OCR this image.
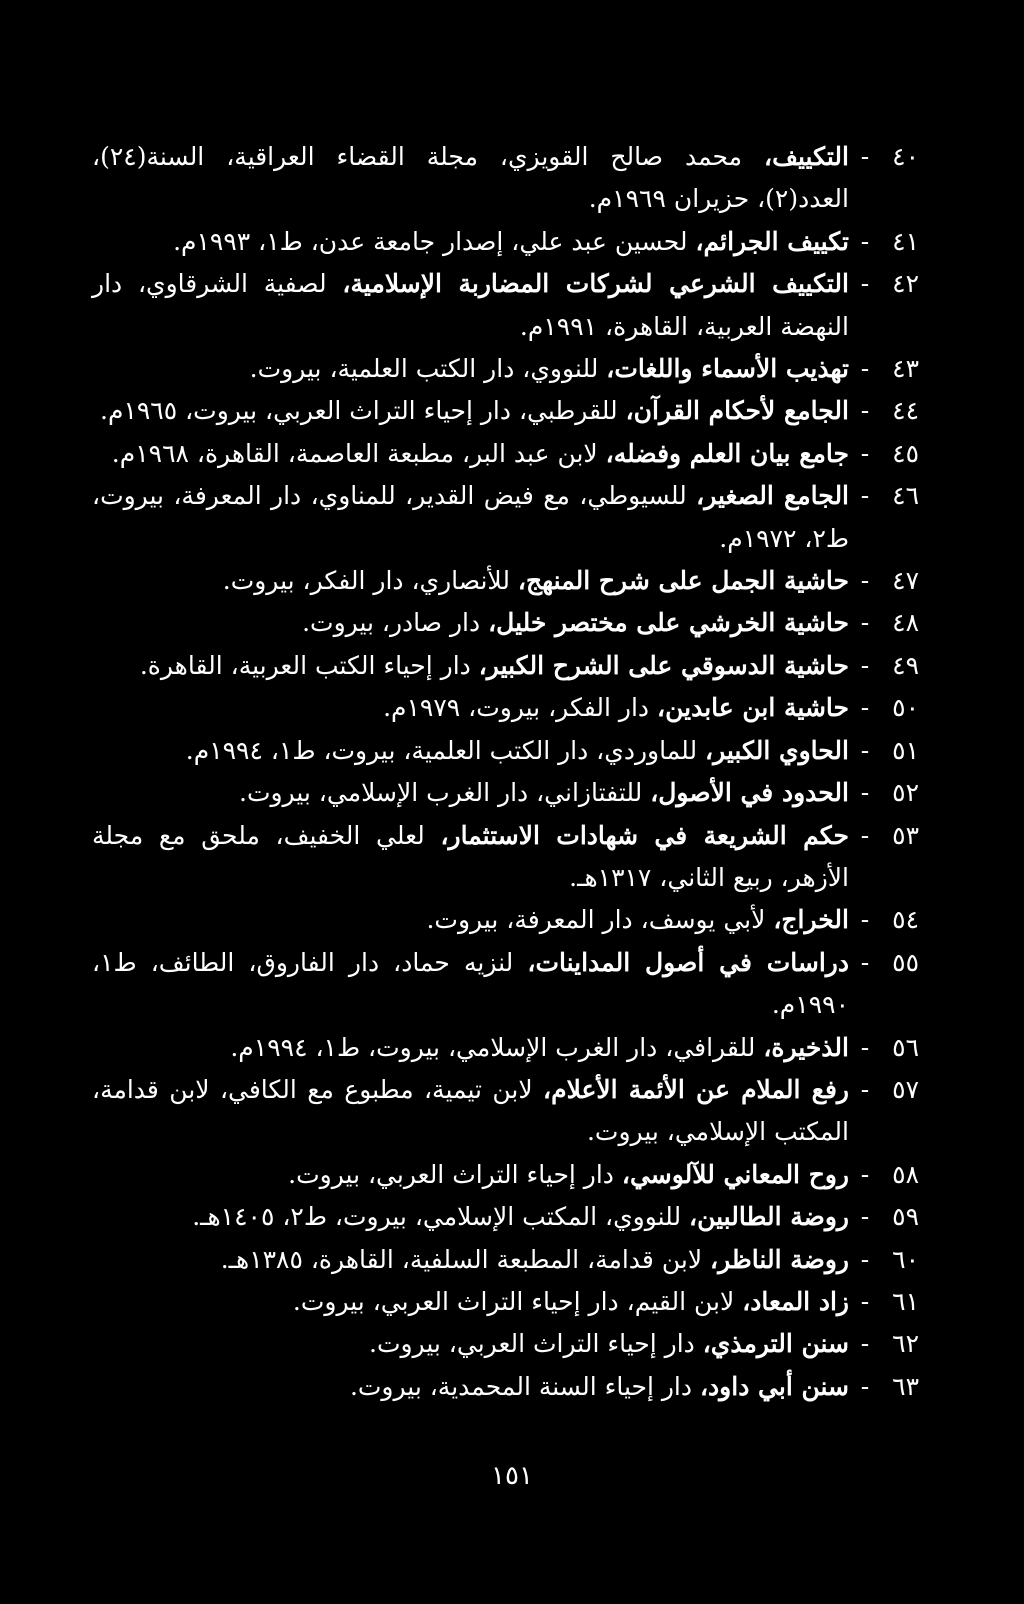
٤٠
-
التكييف، محمد صالح القويزي، مجلة القضاء العراقية، السنة(٢٤)، العدد(٢)، حزيران ١٩٦٩م.
٤١
-
تكييف الجرائم، لحسين عبد علي، إصدار جامعة عدن، ط١، ١٩٩٣م.
٤٢
-
التكييف الشرعي لشركات المضاربة الإسلامية، لصفية الشرقاوي، دار النهضة العربية، القاهرة، ١٩٩١م.
٤٣
-
تهذيب الأسماء واللغات، للنووي، دار الكتب العلمية، بيروت.
٤٤
-
الجامع لأحكام القرآن، للقرطبي، دار إحياء التراث العربي، بيروت، ١٩٦٥م.
٤٥
-
جامع بيان العلم وفضله، لابن عبد البر، مطبعة العاصمة، القاهرة، ١٩٦٨م.
٤٦
-
الجامع الصغير، للسيوطي، مع فيض القدير، للمناوي، دار المعرفة، بيروت، ط٢، ١٩٧٢م.
٤٧
-
حاشية الجمل على شرح المنهج، للأنصاري، دار الفكر، بيروت.
٤٨
-
حاشية الخرشي على مختصر خليل، دار صادر، بيروت.
٤٩
-
حاشية الدسوقي على الشرح الكبير، دار إحياء الكتب العربية، القاهرة.
٥٠
-
حاشية ابن عابدين، دار الفكر، بيروت، ١٩٧٩م.
٥١
-
الحاوي الكبير، للماوردي، دار الكتب العلمية، بيروت، ط١، ١٩٩٤م.
٥٢
-
الحدود في الأصول، للتفتازاني، دار الغرب الإسلامي، بيروت.
٥٣
-
حكم الشريعة في شهادات الاستثمار، لعلي الخفيف، ملحق مع مجلة الأزهر، ربيع الثاني، ١٣١٧هـ.
٥٤
-
الخراج، لأبي يوسف، دار المعرفة، بيروت.
٥٥
-
دراسات في أصول المداينات، لنزيه حماد، دار الفاروق، الطائف، ط١، ١٩٩٠م.
٥٦
-
الذخيرة، للقرافي، دار الغرب الإسلامي، بيروت، ط١، ١٩٩٤م.
٥٧
-
رفع الملام عن الأئمة الأعلام، لابن تيمية، مطبوع مع الكافي، لابن قدامة، المكتب الإسلامي، بيروت.
٥٨
-
روح المعاني للآلوسي، دار إحياء التراث العربي، بيروت.
٥٩
-
روضة الطالبين، للنووي، المكتب الإسلامي، بيروت، ط٢، ١٤٠٥هـ.
٦٠
-
روضة الناظر، لابن قدامة، المطبعة السلفية، القاهرة، ١٣٨٥هـ.
٦١
-
زاد المعاد، لابن القيم، دار إحياء التراث العربي، بيروت.
٦٢
-
سنن الترمذي، دار إحياء التراث العربي، بيروت.
٦٣
-
سنن أبي داود، دار إحياء السنة المحمدية، بيروت.
١٥١
